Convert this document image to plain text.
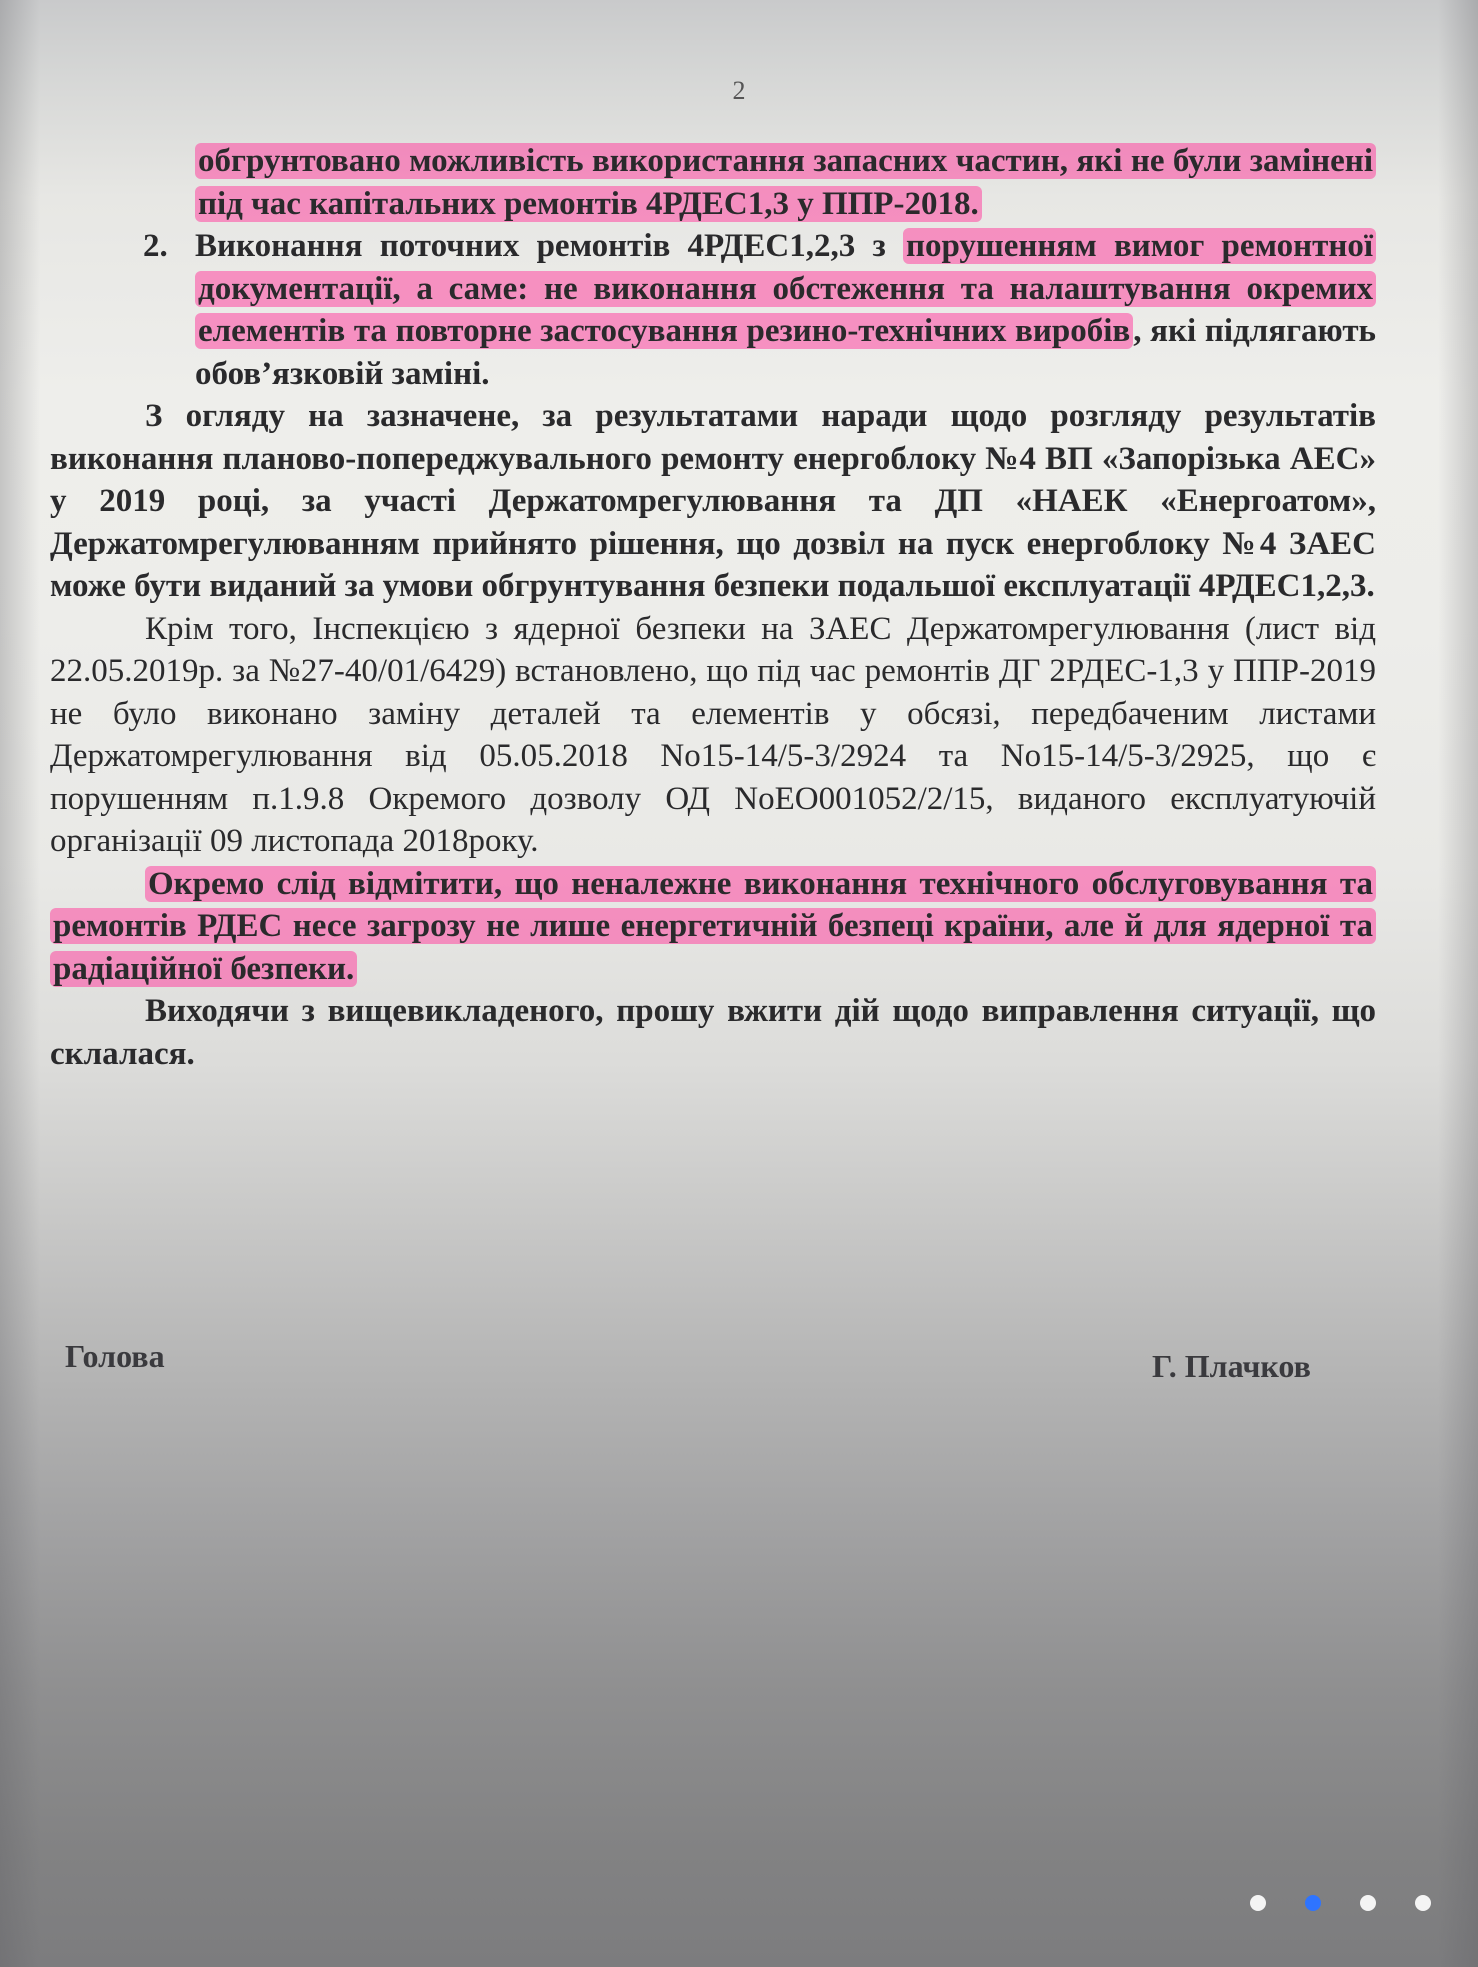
2

обгрунтовано можливість використання запасних частин, які не були замінені під час капітальних ремонтів 4РДЕС1,3 у ППР-2018.

2. Виконання поточних ремонтів 4РДЕС1,2,3 з порушенням вимог ремонтної документації, а саме: не виконання обстеження та налаштування окремих елементів та повторне застосування резино-технічних виробів, які підлягають обов’язковій заміні.

З огляду на зазначене, за результатами наради щодо розгляду результатів виконання планово-попереджувального ремонту енергоблоку №4 ВП «Запорізька АЕС» у 2019 році, за участі Держатомрегулювання та ДП «НАЕК «Енергоатом», Держатомрегулюванням прийнято рішення, що дозвіл на пуск енергоблоку №4 ЗАЕС може бути виданий за умови обгрунтування безпеки подальшої експлуатації 4РДЕС1,2,3.

Крім того, Інспекцією з ядерної безпеки на ЗАЕС Держатомрегулювання (лист від 22.05.2019р. за №27-40/01/6429) встановлено, що під час ремонтів ДГ 2РДЕС-1,3 у ППР-2019 не було виконано заміну деталей та елементів у обсязі, передбаченим листами Держатомрегулювання від 05.05.2018 No15-14/5-3/2924 та No15-14/5-3/2925, що є порушенням п.1.9.8 Окремого дозволу ОД NoEO001052/2/15, виданого експлуатуючій організації 09 листопада 2018року.

Окремо слід відмітити, що неналежне виконання технічного обслуговування та ремонтів РДЕС несе загрозу не лише енергетичній безпеці країни, але й для ядерної та радіаційної безпеки.

Виходячи з вищевикладеного, прошу вжити дій щодо виправлення ситуації, що склалася.

Голова	Г. Плачков
